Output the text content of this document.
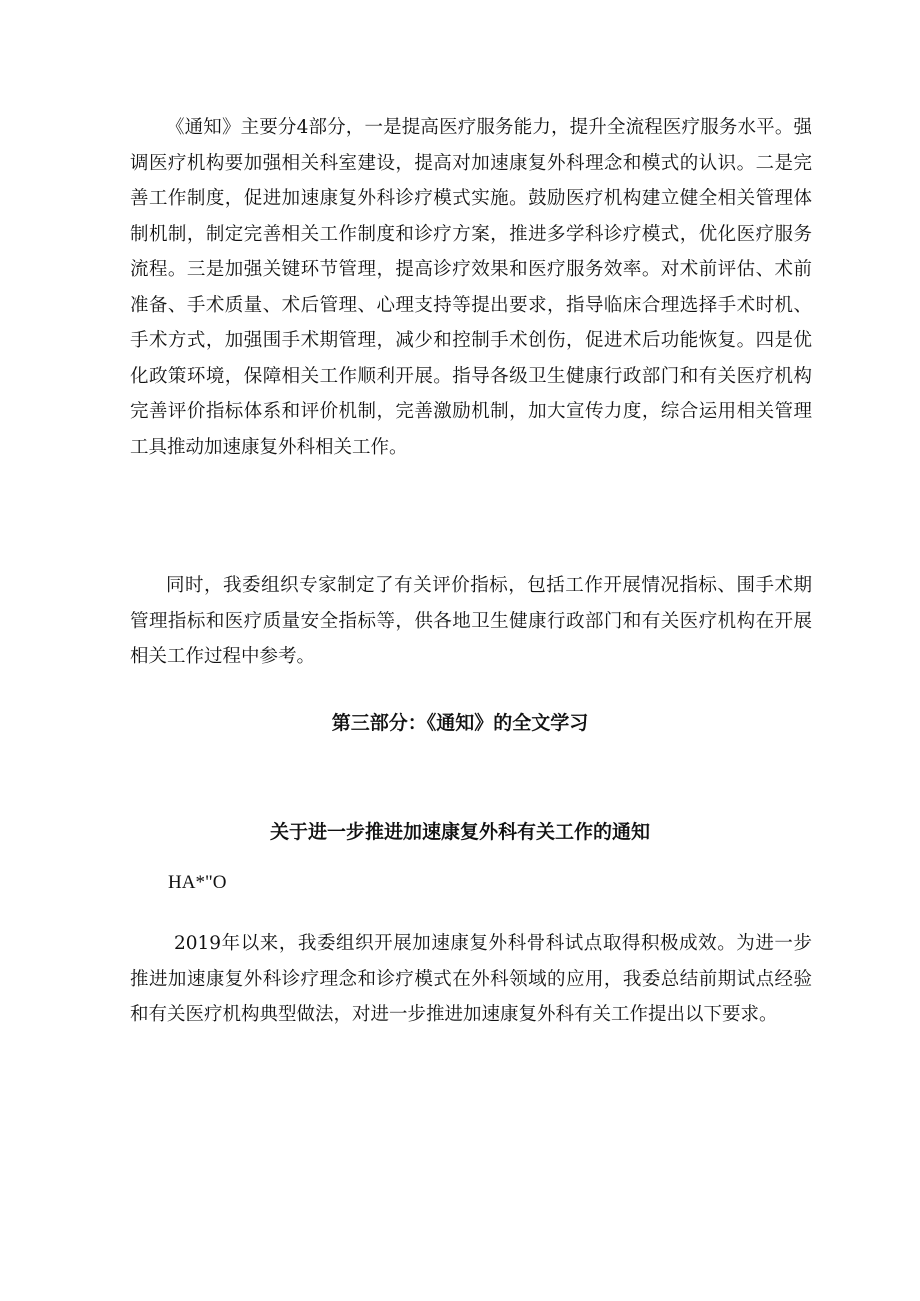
《通知》主要分4部分，一是提高医疗服务能力，提升全流程医疗服务水平。强调医疗机构要加强相关科室建设，提高对加速康复外科理念和模式的认识。二是完善工作制度，促进加速康复外科诊疗模式实施。鼓励医疗机构建立健全相关管理体制机制，制定完善相关工作制度和诊疗方案，推进多学科诊疗模式，优化医疗服务流程。三是加强关键环节管理，提高诊疗效果和医疗服务效率。对术前评估、术前准备、手术质量、术后管理、心理支持等提出要求，指导临床合理选择手术时机、手术方式，加强围手术期管理，减少和控制手术创伤，促进术后功能恢复。四是优化政策环境，保障相关工作顺利开展。指导各级卫生健康行政部门和有关医疗机构完善评价指标体系和评价机制，完善激励机制，加大宣传力度，综合运用相关管理工具推动加速康复外科相关工作。

同时，我委组织专家制定了有关评价指标，包括工作开展情况指标、围手术期管理指标和医疗质量安全指标等，供各地卫生健康行政部门和有关医疗机构在开展相关工作过程中参考。

第三部分：《通知》的全文学习
关于进一步推进加速康复外科有关工作的通知

HA*"O

2019年以来，我委组织开展加速康复外科骨科试点取得积极成效。为进一步推进加速康复外科诊疗理念和诊疗模式在外科领域的应用，我委总结前期试点经验和有关医疗机构典型做法，对进一步推进加速康复外科有关工作提出以下要求。
